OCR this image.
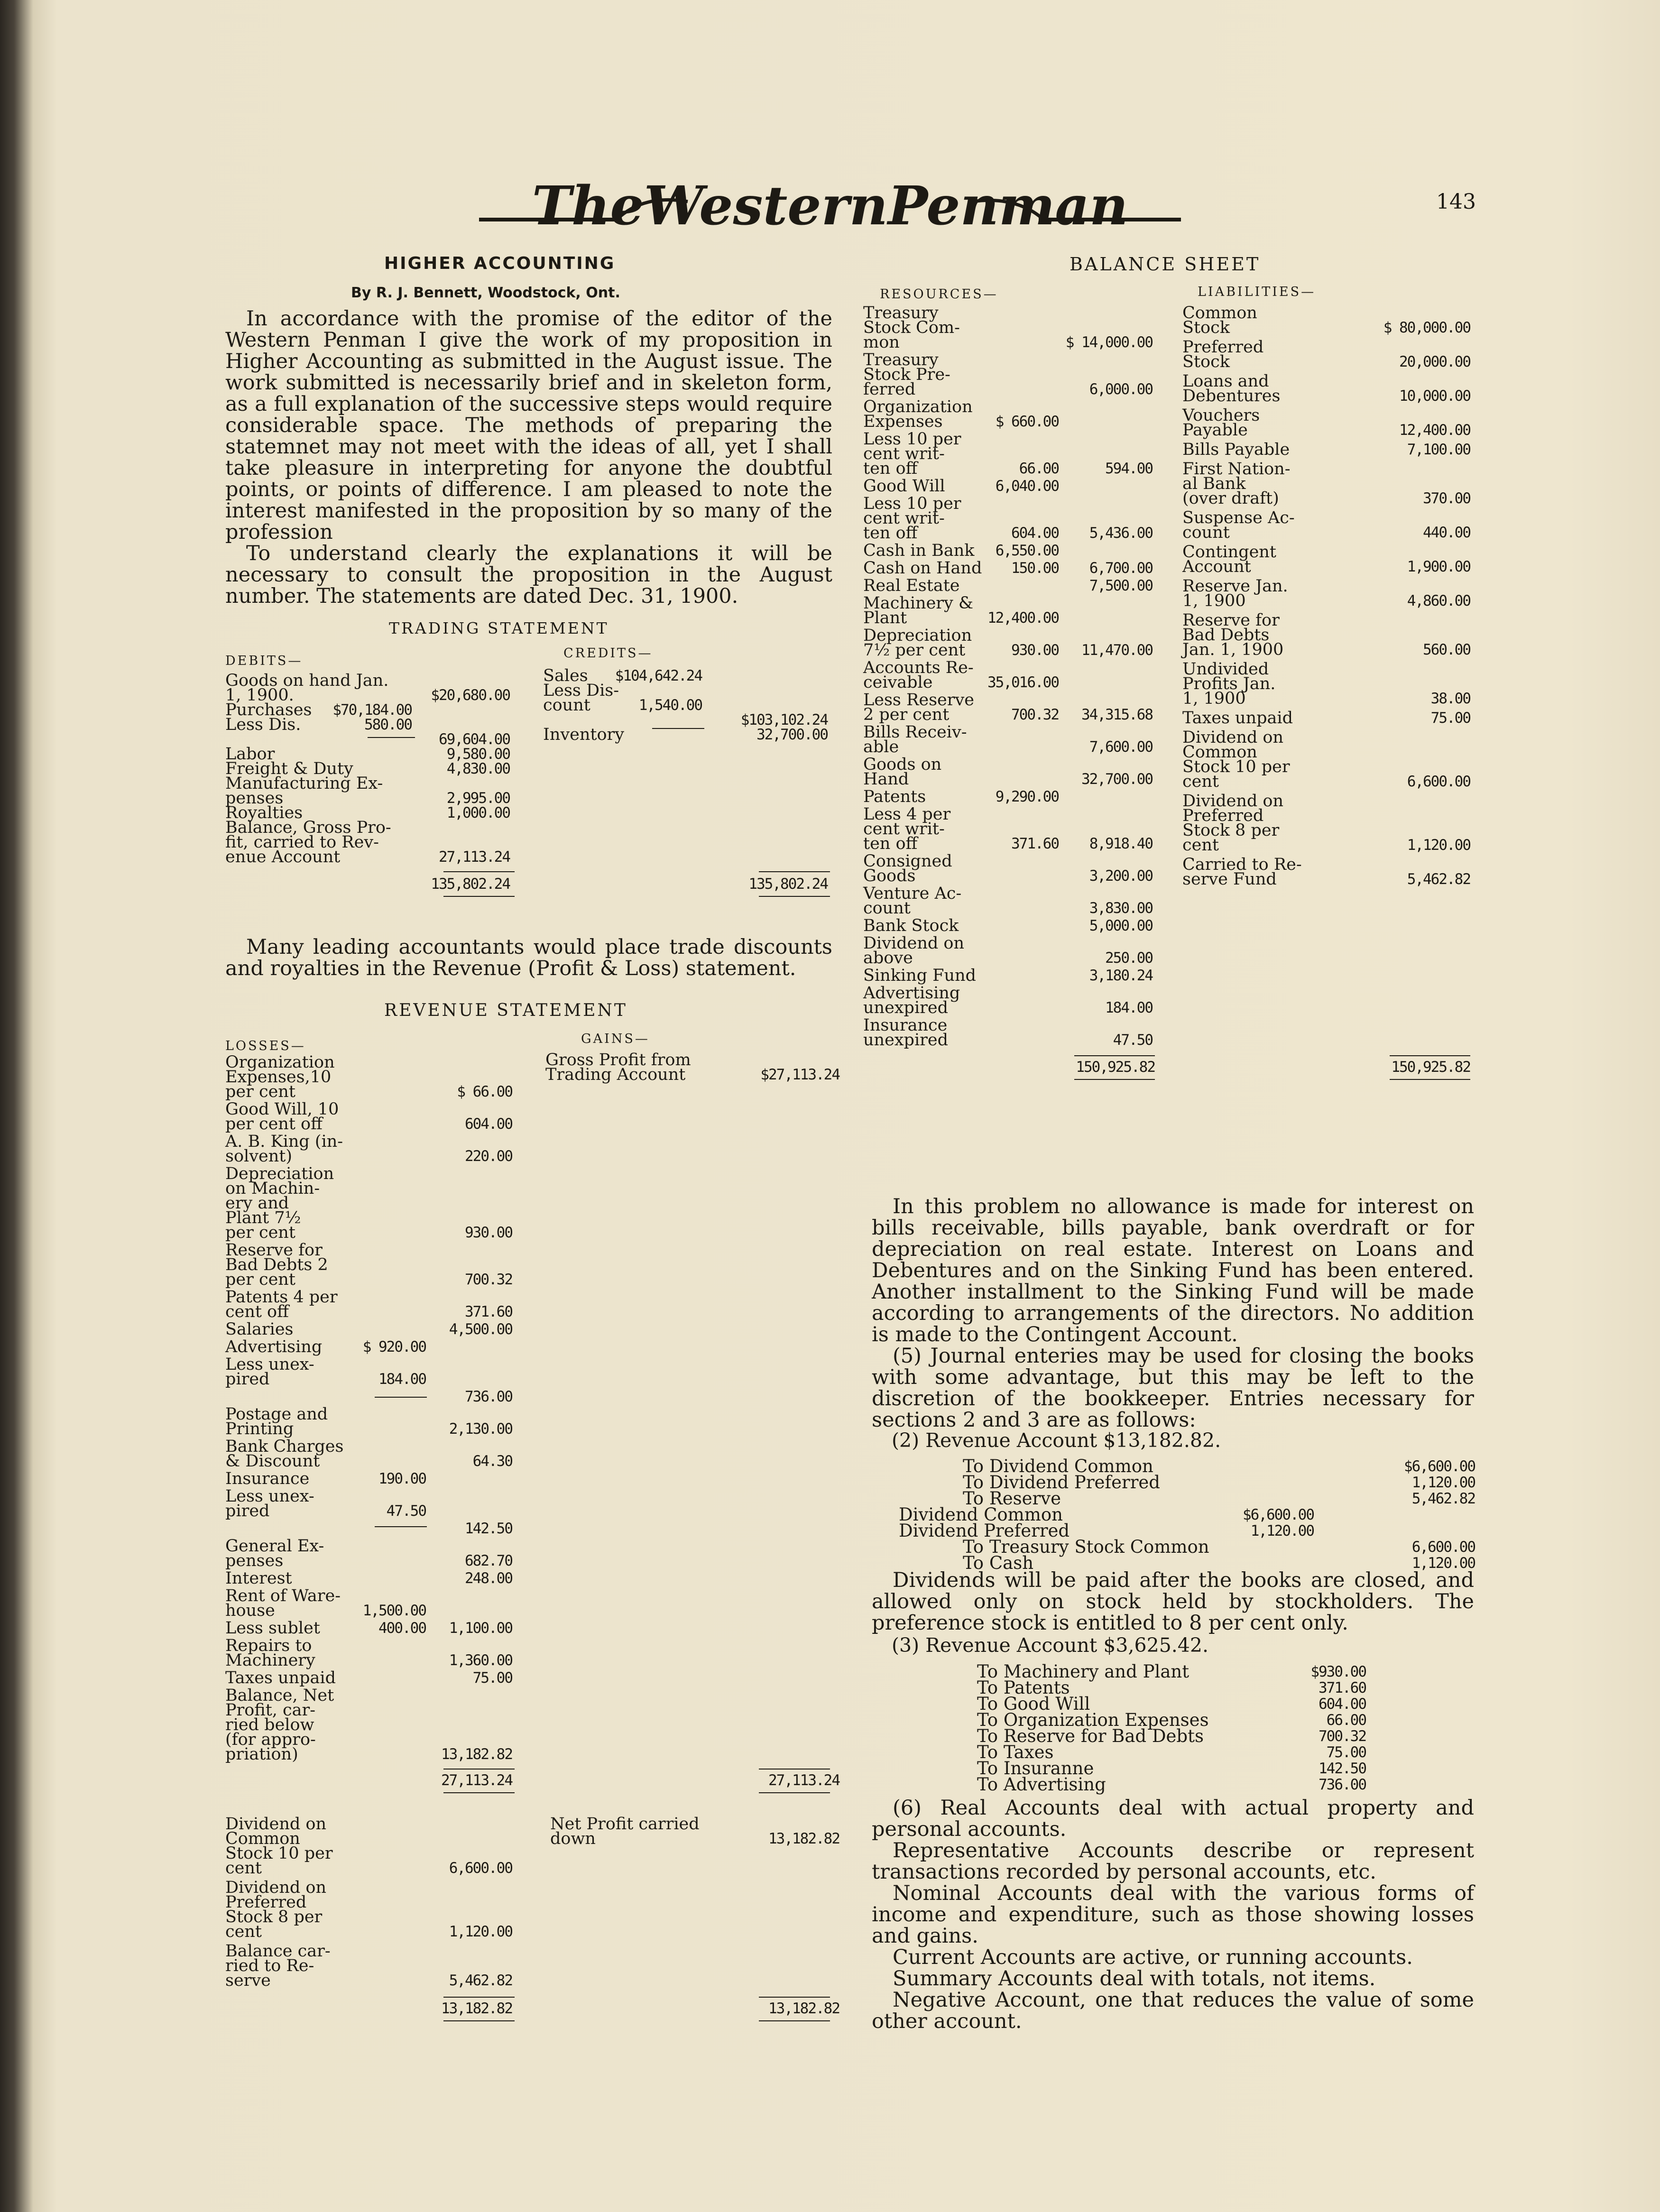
TheWesternPenman	143
HIGHER ACCOUNTING
By R. J. Bennett, Woodstock, Ont.

In accordance with the promise of the editor of the Western Penman I give the work of my proposition in Higher Accounting as submitted in the August issue. The work submitted is necessarily brief and in skeleton form, as a full explanation of the successive steps would require considerable space. The methods of preparing the statemnet may not meet with the ideas of all, yet I shall take pleasure in interpreting for anyone the doubtful points, or points of difference. I am pleased to note the interest manifested in the proposition by so many of the profession

To understand clearly the explanations it will be necessary to consult the proposition in the August number. The statements are dated Dec. 31, 1900.

TRADING STATEMENT
DEBITS—
CREDITS—
Goods on hand Jan.
1, 1900.	$20,680.00
Purchases	$70,184.00
Less Dis.	580.00
69,604.00
Labor	9,580.00
Freight & Duty	4,830.00
Manufacturing Ex-
penses	2,995.00
Royalties	1,000.00
Balance, Gross Pro-
fit, carried to Rev-
enue Account	27,113.24
135,802.24
Sales	$104,642.24
Less Dis-
count	1,540.00
$103,102.24
Inventory	32,700.00
135,802.24

Many leading accountants would place trade discounts and royalties in the Revenue (Profit & Loss) statement.

REVENUE STATEMENT
LOSSES—	GAINS—
Organization
Expenses,10
per cent	$ 66.00
Good Will, 10
per cent off	604.00
A. B. King (in-
solvent)	220.00
Depreciation
on Machin-
ery and
Plant 7½
per cent	930.00
Reserve for
Bad Debts 2
per cent	700.32
Patents 4 per
cent off	371.60
Salaries	4,500.00
Advertising	$ 920.00
Less unex-
pired	184.00
736.00
Postage and
Printing	2,130.00
Bank Charges
& Discount	64.30
Insurance	190.00
Less unex-
pired	47.50
142.50
General Ex-
penses	682.70
Interest	248.00
Rent of Ware-
house	1,500.00
Less sublet	400.00	1,100.00
Repairs to
Machinery	1,360.00
Taxes unpaid	75.00
Balance, Net
Profit, car-
ried below
(for appro-
priation)	13,182.82
27,113.24
Gross Profit from
Trading Account	$27,113.24
27,113.24
Dividend on
Common
Stock 10 per
cent	6,600.00
Dividend on
Preferred
Stock 8 per
cent	1,120.00
Balance car-
ried to Re-
serve	5,462.82
13,182.82
Net Profit carried
down	13,182.82
13,182.82
BALANCE SHEET
RESOURCES—	LIABILITIES—
Treasury
Stock Com-
mon	$ 14,000.00
Treasury
Stock Pre-
ferred	6,000.00
Organization
Expenses	$ 660.00
Less 10 per
cent writ-
ten off	66.00	594.00
Good Will	6,040.00
Less 10 per
cent writ-
ten off	604.00	5,436.00
Cash in Bank	6,550.00
Cash on Hand	150.00	6,700.00
Real Estate	7,500.00
Machinery &
Plant	12,400.00
Depreciation
7½ per cent	930.00	11,470.00
Accounts Re-
ceivable	35,016.00
Less Reserve
2 per cent	700.32	34,315.68
Bills Receiv-
able	7,600.00
Goods on
Hand	32,700.00
Patents	9,290.00
Less 4 per
cent writ-
ten off	371.60	8,918.40
Consigned
Goods	3,200.00
Venture Ac-
count	3,830.00
Bank Stock	5,000.00
Dividend on
above	250.00
Sinking Fund	3,180.24
Advertising
unexpired	184.00
Insurance
unexpired	47.50
150,925.82
Common
Stock	$ 80,000.00
Preferred
Stock	20,000.00
Loans and
Debentures	10,000.00
Vouchers
Payable	12,400.00
Bills Payable	7,100.00
First Nation-
al Bank
(over draft)	370.00
Suspense Ac-
count	440.00
Contingent
Account	1,900.00
Reserve Jan.
1, 1900	4,860.00
Reserve for
Bad Debts
Jan. 1, 1900	560.00
Undivided
Profits Jan.
1, 1900	38.00
Taxes unpaid	75.00
Dividend on
Common
Stock 10 per
cent	6,600.00
Dividend on
Preferred
Stock 8 per
cent	1,120.00
Carried to Re-
serve Fund	5,462.82
150,925.82

In this problem no allowance is made for interest on bills receivable, bills payable, bank overdraft or for depreciation on real estate. Interest on Loans and Debentures and on the Sinking Fund has been entered. Another installment to the Sinking Fund will be made according to arrangements of the directors. No addition is made to the Contingent Account.

(5) Journal enteries may be used for closing the books with some advantage, but this may be left to the discretion of the bookkeeper. Entries necessary for sections 2 and 3 are as follows:

(2) Revenue Account $13,182.82.
To Dividend Common	$6,600.00
To Dividend Preferred	1,120.00
To Reserve	5,462.82
Dividend Common	$6,600.00
Dividend Preferred	1,120.00
To Treasury Stock Common	6,600.00
To Cash	1,120.00

Dividends will be paid after the books are closed, and allowed only on stock held by stockholders. The preference stock is entitled to 8 per cent only.

(3) Revenue Account $3,625.42.
To Machinery and Plant	$930.00
To Patents	371.60
To Good Will	604.00
To Organization Expenses	66.00
To Reserve for Bad Debts	700.32
To Taxes	75.00
To Insuranne	142.50
To Advertising	736.00

(6) Real Accounts deal with actual property and personal accounts.

Representative Accounts describe or represent transactions recorded by personal accounts, etc.

Nominal Accounts deal with the various forms of income and expenditure, such as those showing losses and gains.

Current Accounts are active, or running accounts.

Summary Accounts deal with totals, not items.

Negative Account, one that reduces the value of some other account.
